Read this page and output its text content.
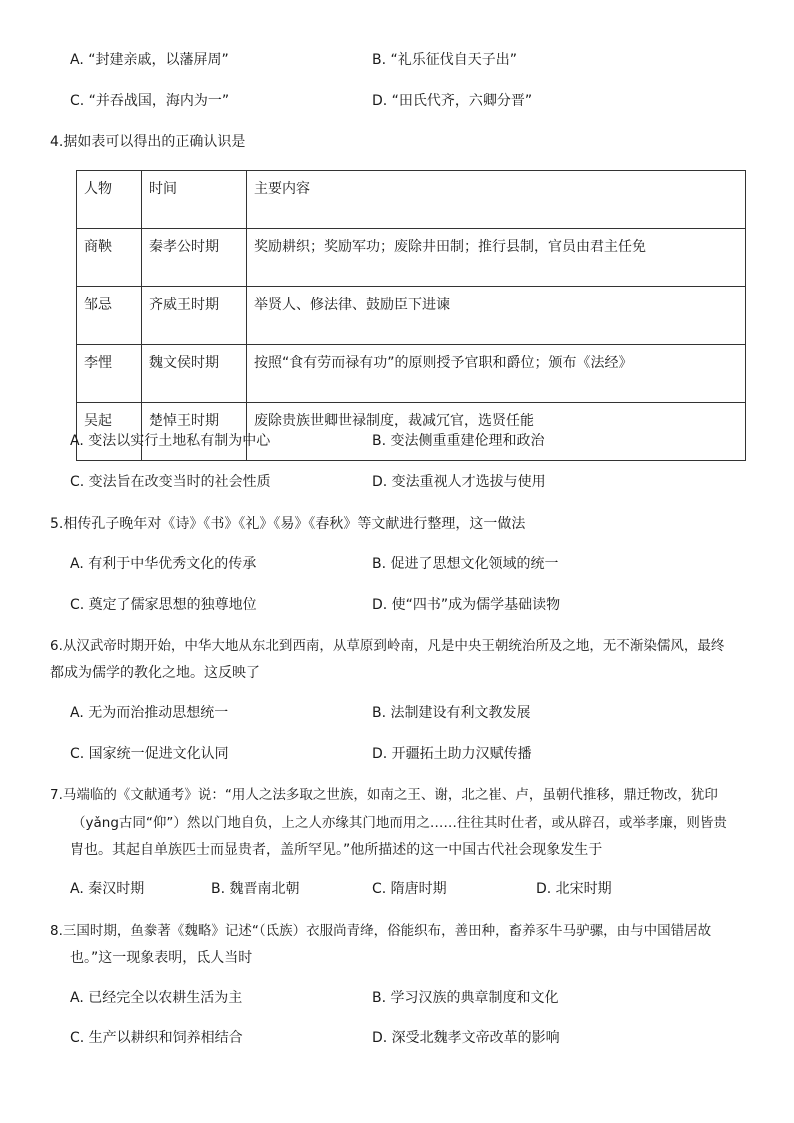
A. “封建亲戚，以藩屏周”	B. “礼乐征伐自天子出”
C. “并吞战国，海内为一”	D. “田氏代齐，六卿分晋”
4.据如表可以得出的正确认识是
人物	时间	主要内容
商鞅	秦孝公时期	奖励耕织；奖励军功；废除井田制；推行县制，官员由君主任免
邹忌	齐威王时期	举贤人、修法律、鼓励臣下进谏
李悝	魏文侯时期	按照“食有劳而禄有功”的原则授予官职和爵位；颁布《法经》
吴起	楚悼王时期	废除贵族世卿世禄制度，裁减冗官，选贤任能
A. 变法以实行土地私有制为中心	B. 变法侧重重建伦理和政治
C. 变法旨在改变当时的社会性质	D. 变法重视人才选拔与使用
5.相传孔子晚年对《诗》《书》《礼》《易》《春秋》等文献进行整理，这一做法
A. 有利于中华优秀文化的传承	B. 促进了思想文化领域的统一
C. 奠定了儒家思想的独尊地位	D. 使“四书”成为儒学基础读物
6.从汉武帝时期开始，中华大地从东北到西南，从草原到岭南，凡是中央王朝统治所及之地，无不渐染儒风，最终
都成为儒学的教化之地。这反映了
A. 无为而治推动思想统一	B. 法制建设有利文教发展
C. 国家统一促进文化认同	D. 开疆拓土助力汉赋传播
7.马端临的《文献通考》说：“用人之法多取之世族，如南之王、谢，北之崔、卢，虽朝代推移，鼎迁物改，犹印
（yǎng古同“仰”）然以门地自负，上之人亦缘其门地而用之……往往其时仕者，或从辟召，或举孝廉，则皆贵
胄也。其起自单族匹士而显贵者，盖所罕见。”他所描述的这一中国古代社会现象发生于
A. 秦汉时期	B. 魏晋南北朝	C. 隋唐时期	D. 北宋时期
8.三国时期，鱼豢著《魏略》记述“（氐族）衣服尚青绛，俗能织布，善田种，畜养豕牛马驴骡，由与中国错居故
也。”这一现象表明，氐人当时
A. 已经完全以农耕生活为主	B. 学习汉族的典章制度和文化
C. 生产以耕织和饲养相结合	D. 深受北魏孝文帝改革的影响
